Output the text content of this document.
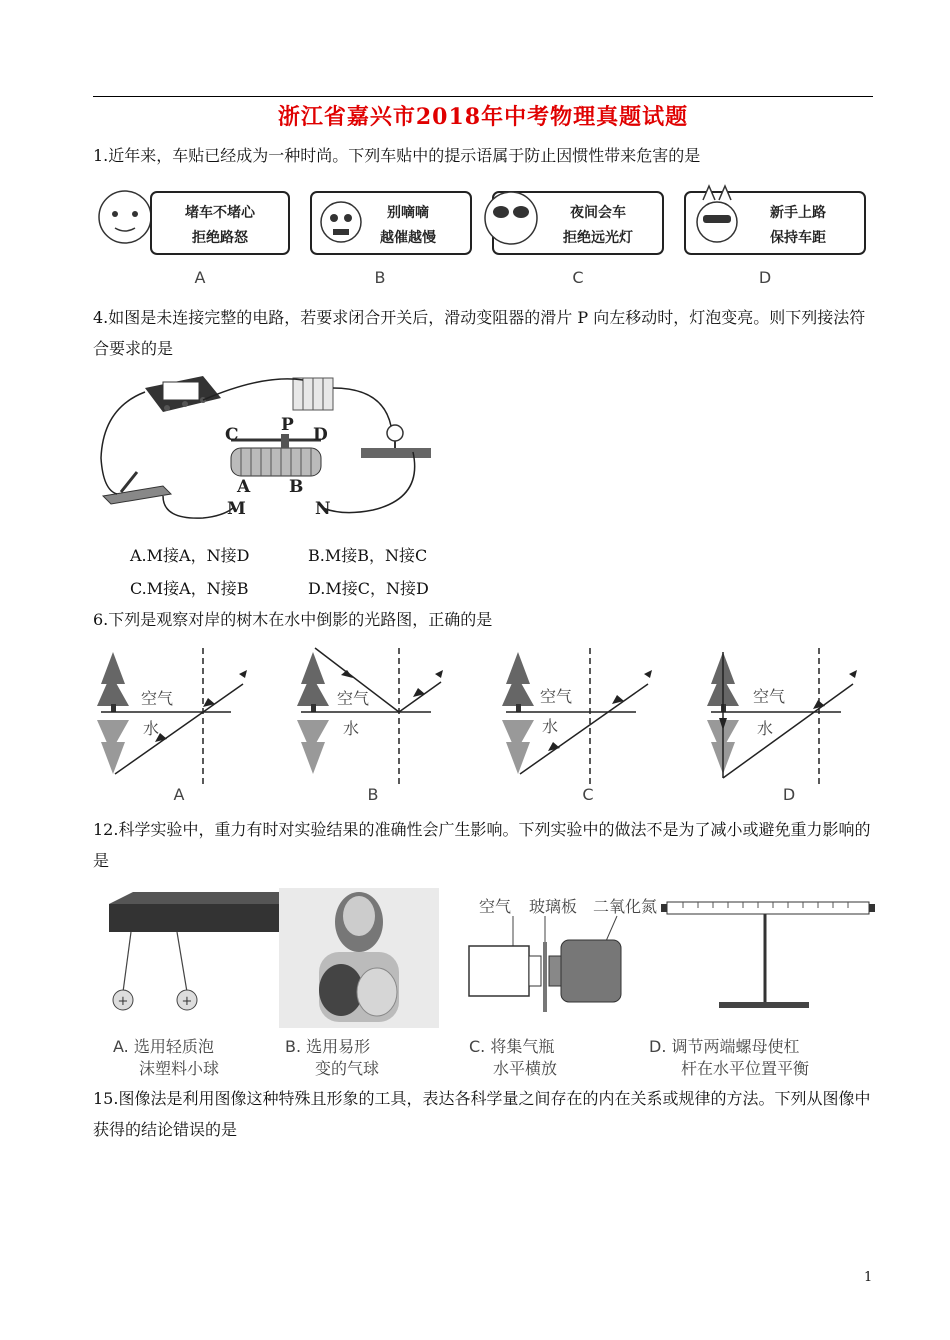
浙江省嘉兴市2018年中考物理真题试题
1.近年来，车贴已经成为一种时尚。下列车贴中的提示语属于防止因惯性带来危害的是
堵车不堵心
拒绝路怒
A
别嘀嘀
越催越慢
B
夜间会车
拒绝远光灯
C
新手上路
保持车距
D
4.如图是未连接完整的电路，若要求闭合开关后，滑动变阻器的滑片 P 向左移动时，灯泡变亮。则下列接法符合要求的是
C P D
A B
M	N
A.M接A，N接D	B.M接B，N接C
C.M接A，N接B	D.M接C，N接D
6.下列是观察对岸的树木在水中倒影的光路图，正确的是
空气
水
A
空气
水
B
空气
水
C
空气
水
D
12.科学实验中，重力有时对实验结果的准确性会广生影响。下列实验中的做法不是为了减小或避免重力影响的是
+	+
A. 选用轻质泡
沫塑料小球
B. 选用易形
变的气球
空气 玻璃板 二氧化氮
C. 将集气瓶
水平横放
D. 调节两端螺母使杠
杆在水平位置平衡
15.图像法是利用图像这种特殊且形象的工具，表达各科学量之间存在的内在关系或规律的方法。下列从图像中获得的结论错误的是
1
